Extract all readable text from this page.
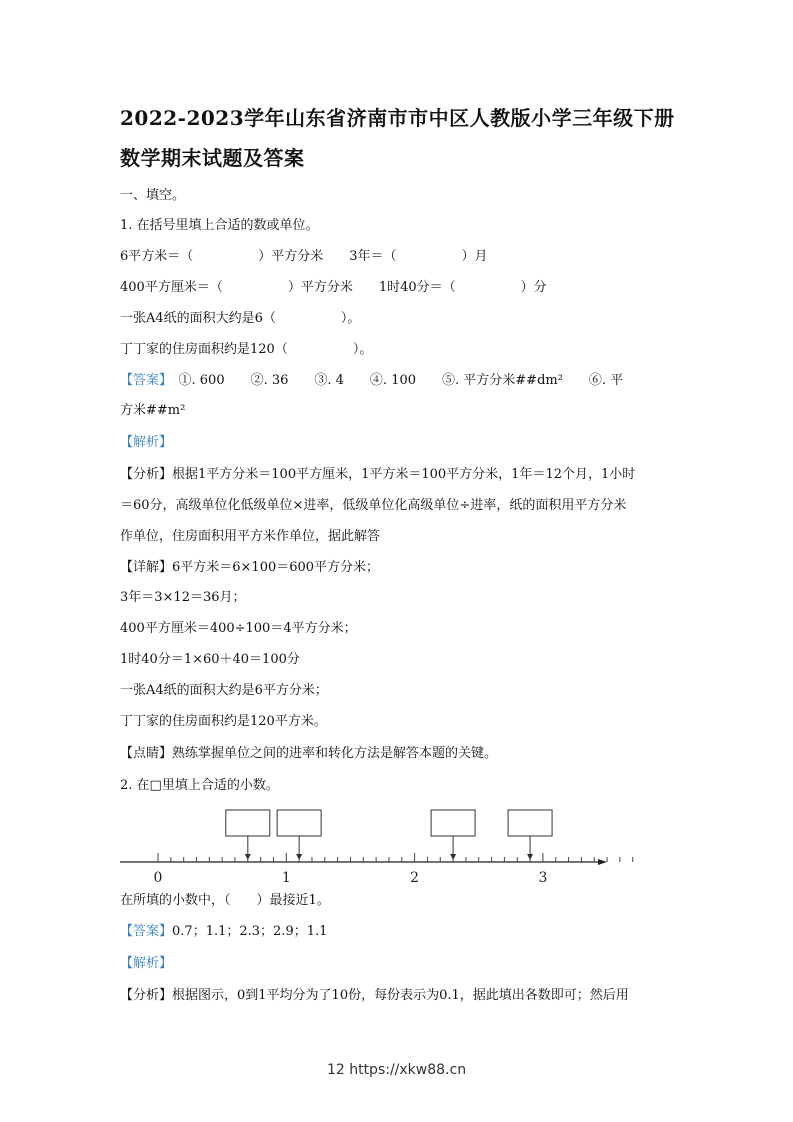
2022-2023学年山东省济南市市中区人教版小学三年级下册
数学期末试题及答案
一、填空。
1. 在括号里填上合适的数或单位。
6平方米＝（　　　　　）平方分米　　3年＝（　　　　　）月
400平方厘米＝（　　　　　）平方分米　　1时40分＝（　　　　　）分
一张A4纸的面积大约是6（　　　　　）。
丁丁家的住房面积约是120（　　　　　）。
【答案】　①. 600　　②. 36　　③. 4　　④. 100　　⑤. 平方分米##dm²　　⑥. 平
方米##m²
【解析】
【分析】根据1平方分米＝100平方厘米，1平方米＝100平方分米，1年＝12个月，1小时
＝60分，高级单位化低级单位×进率，低级单位化高级单位÷进率，纸的面积用平方分米
作单位，住房面积用平方米作单位，据此解答
【详解】6平方米＝6×100＝600平方分米；
3年＝3×12＝36月；
400平方厘米＝400÷100＝4平方分米；
1时40分＝1×60＋40＝100分
一张A4纸的面积大约是6平方分米；
丁丁家的住房面积约是120平方米。
【点睛】熟练掌握单位之间的进率和转化方法是解答本题的关键。
2. 在□里填上合适的小数。
0	1	2	3
在所填的小数中，（　　）最接近1。
【答案】0.7；1.1；2.3；2.9；1.1
【解析】
【分析】根据图示，0到1平均分为了10份，每份表示为0.1，据此填出各数即可；然后用
12 https://xkw88.cn
